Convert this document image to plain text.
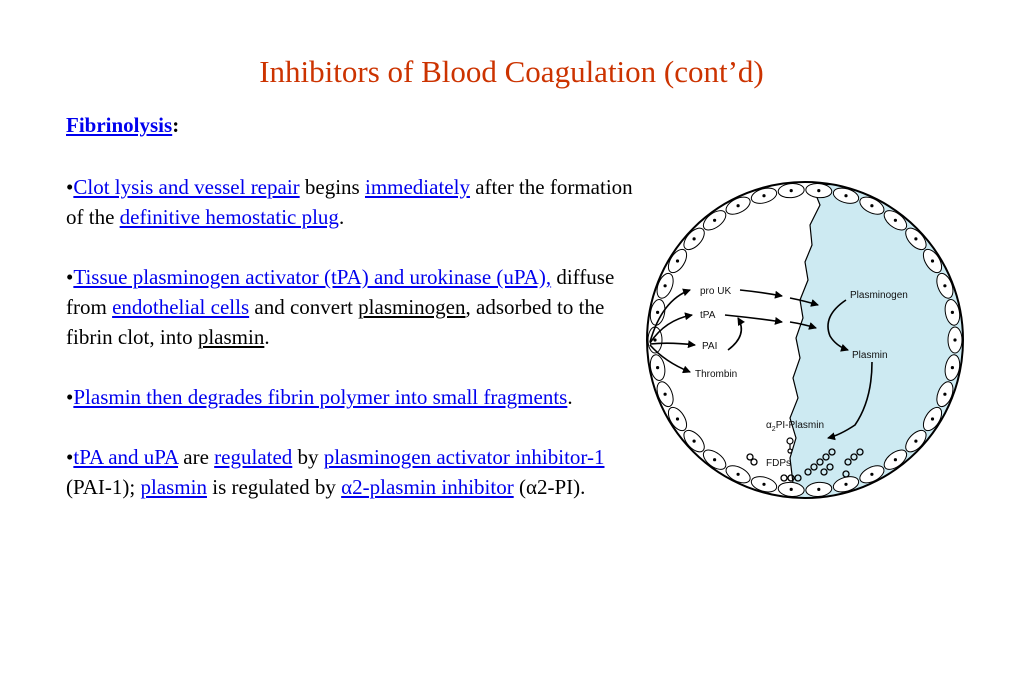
Inhibitors of Blood Coagulation (cont’d)
Fibrinolysis:

•Clot lysis and vessel repair begins immediately after the formation of the definitive hemostatic plug.

•Tissue plasminogen activator (tPA) and urokinase (uPA), diffuse from endothelial cells and convert plasminogen, adsorbed to the fibrin clot, into plasmin.

•Plasmin then degrades fibrin polymer into small fragments.

•tPA and uPA are regulated by plasminogen activator inhibitor-1 (PAI-1); plasmin is regulated by α2-plasmin inhibitor (α2-PI).

pro UK
tPA
PAI
Thrombin
Plasminogen
Plasmin
$\alpha_2PI$-Plasmin
FDPs
